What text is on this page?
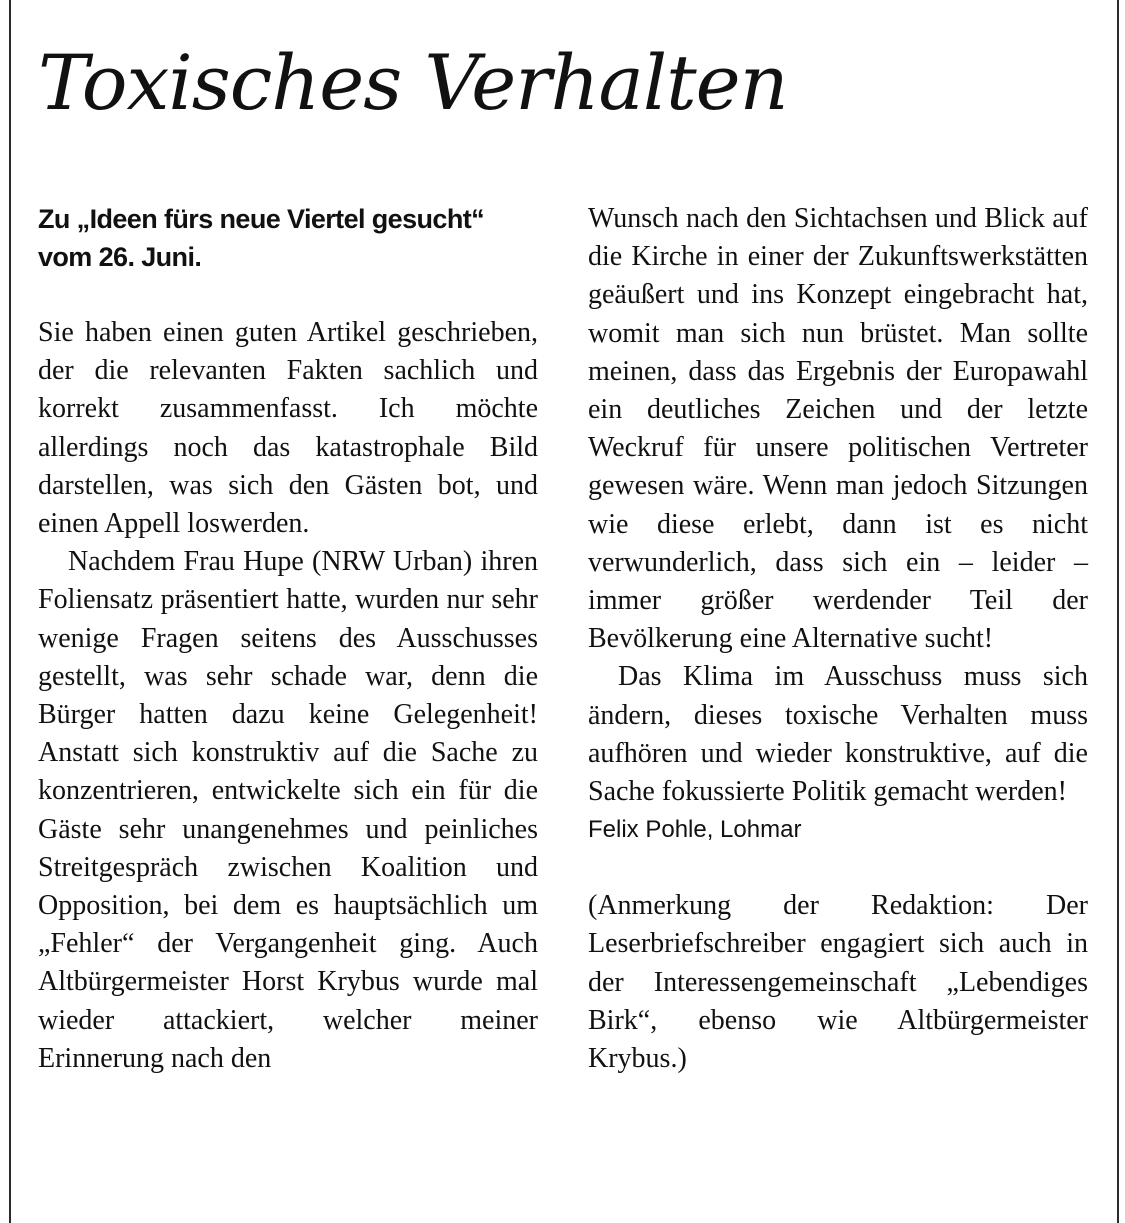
Toxisches Verhalten

Zu „Ideen fürs neue Viertel gesucht“ vom 26. Juni.

Sie haben einen guten Artikel geschrieben, der die relevanten Fakten sachlich und korrekt zusammenfasst. Ich möchte allerdings noch das katastrophale Bild darstellen, was sich den Gästen bot, und einen Appell loswerden.

Nachdem Frau Hupe (NRW Urban) ihren Foliensatz präsentiert hatte, wurden nur sehr wenige Fragen seitens des Ausschusses gestellt, was sehr schade war, denn die Bürger hatten dazu keine Gelegenheit! Anstatt sich konstruktiv auf die Sache zu konzentrieren, entwickelte sich ein für die Gäste sehr unangenehmes und peinliches Streitgespräch zwischen Koalition und Opposition, bei dem es hauptsächlich um „Fehler“ der Vergangenheit ging. Auch Altbürgermeister Horst Krybus wurde mal wieder attackiert, welcher meiner Erinnerung nach den

Wunsch nach den Sichtachsen und Blick auf die Kirche in einer der Zukunftswerkstätten geäußert und ins Konzept eingebracht hat, womit man sich nun brüstet. Man sollte meinen, dass das Ergebnis der Europawahl ein deutliches Zeichen und der letzte Weckruf für unsere politischen Vertreter gewesen wäre. Wenn man jedoch Sitzungen wie diese erlebt, dann ist es nicht verwunderlich, dass sich ein – leider – immer größer werdender Teil der Bevölkerung eine Alternative sucht!

Das Klima im Ausschuss muss sich ändern, dieses toxische Verhalten muss aufhören und wieder konstruktive, auf die Sache fokussierte Politik gemacht werden!

Felix Pohle, Lohmar

(Anmerkung der Redaktion: Der Leserbriefschreiber engagiert sich auch in der Interessengemeinschaft „Lebendiges Birk“, ebenso wie Altbürgermeister Krybus.)
